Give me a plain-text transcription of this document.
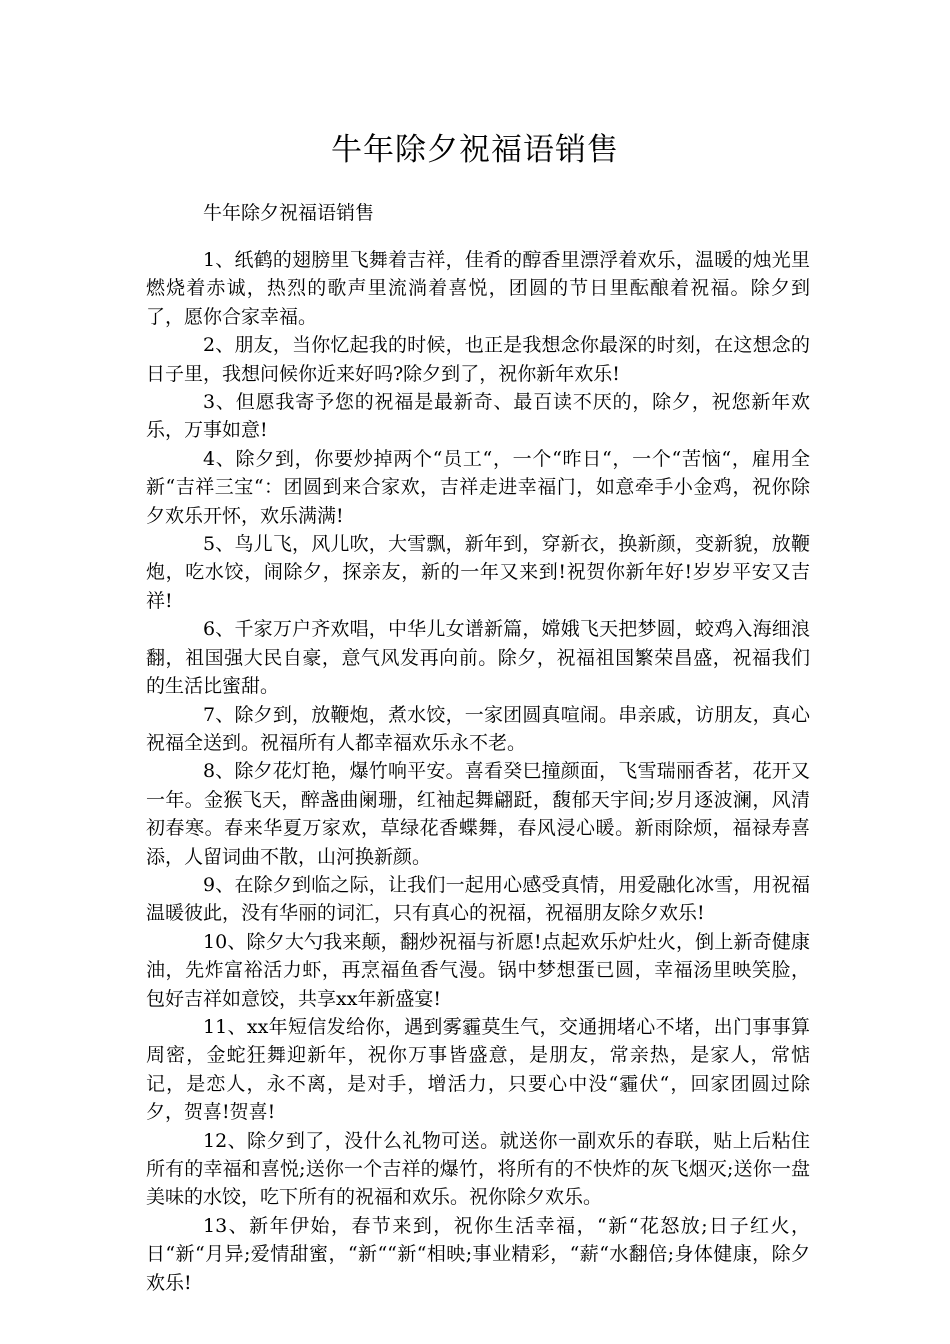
牛年除夕祝福语销售
牛年除夕祝福语销售

1、纸鹤的翅膀里飞舞着吉祥，佳肴的醇香里漂浮着欢乐，温暖的烛光里燃烧着赤诚，热烈的歌声里流淌着喜悦，团圆的节日里酝酿着祝福。除夕到了，愿你合家幸福。

2、朋友，当你忆起我的时候，也正是我想念你最深的时刻，在这想念的日子里，我想问候你近来好吗?除夕到了，祝你新年欢乐!

3、但愿我寄予您的祝福是最新奇、最百读不厌的，除夕，祝您新年欢乐，万事如意!

4、除夕到，你要炒掉两个“员工“，一个“昨日“，一个“苦恼“，雇用全新“吉祥三宝“：团圆到来合家欢，吉祥走进幸福门，如意牵手小金鸡，祝你除夕欢乐开怀，欢乐满满!

5、鸟儿飞，风儿吹，大雪飘，新年到，穿新衣，换新颜，变新貌，放鞭炮，吃水饺，闹除夕，探亲友，新的一年又来到!祝贺你新年好!岁岁平安又吉祥!

6、千家万户齐欢唱，中华儿女谱新篇，嫦娥飞天把梦圆，蛟鸡入海细浪翻，祖国强大民自豪，意气风发再向前。除夕，祝福祖国繁荣昌盛，祝福我们的生活比蜜甜。

7、除夕到，放鞭炮，煮水饺，一家团圆真喧闹。串亲戚，访朋友，真心祝福全送到。祝福所有人都幸福欢乐永不老。

8、除夕花灯艳，爆竹响平安。喜看癸巳撞颜面，飞雪瑞丽香茗，花开又一年。金猴飞天，醉盏曲阑珊，红袖起舞翩跹，馥郁天宇间;岁月逐波澜，风清初春寒。春来华夏万家欢，草绿花香蝶舞，春风浸心暖。新雨除烦，福禄寿喜添，人留词曲不散，山河换新颜。

9、在除夕到临之际，让我们一起用心感受真情，用爱融化冰雪，用祝福温暖彼此，没有华丽的词汇，只有真心的祝福，祝福朋友除夕欢乐!

10、除夕大勺我来颠，翻炒祝福与祈愿!点起欢乐炉灶火，倒上新奇健康油，先炸富裕活力虾，再烹福鱼香气漫。锅中梦想蛋已圆，幸福汤里映笑脸，包好吉祥如意饺，共享xx年新盛宴!

11、xx年短信发给你，遇到雾霾莫生气，交通拥堵心不堵，出门事事算周密，金蛇狂舞迎新年，祝你万事皆盛意，是朋友，常亲热，是家人，常惦记，是恋人，永不离，是对手，增活力，只要心中没“霾伏“，回家团圆过除夕，贺喜!贺喜!

12、除夕到了，没什么礼物可送。就送你一副欢乐的春联，贴上后粘住所有的幸福和喜悦;送你一个吉祥的爆竹，将所有的不快炸的灰飞烟灭;送你一盘美味的水饺，吃下所有的祝福和欢乐。祝你除夕欢乐。

13、新年伊始，春节来到，祝你生活幸福，“新“花怒放;日子红火，日“新“月异;爱情甜蜜，“新““新“相映;事业精彩，“薪“水翻倍;身体健康，除夕欢乐!
